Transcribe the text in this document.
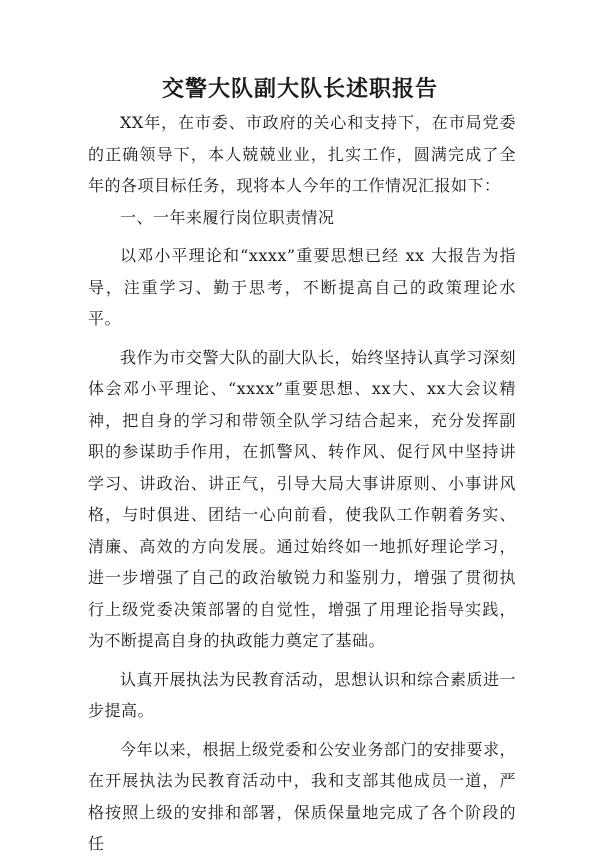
交警大队副大队长述职报告

XX年，在市委、市政府的关心和支持下，在市局党委的正确领导下，本人兢兢业业，扎实工作，圆满完成了全年的各项目标任务，现将本人今年的工作情况汇报如下：

一、一年来履行岗位职责情况

以邓小平理论和“xxxx”重要思想已经 xx 大报告为指导，注重学习、勤于思考，不断提高自己的政策理论水平。

我作为市交警大队的副大队长，始终坚持认真学习深刻体会邓小平理论、“xxxx”重要思想、xx大、xx大会议精神，把自身的学习和带领全队学习结合起来，充分发挥副职的参谋助手作用，在抓警风、转作风、促行风中坚持讲学习、讲政治、讲正气，引导大局大事讲原则、小事讲风格，与时俱进、团结一心向前看，使我队工作朝着务实、清廉、高效的方向发展。通过始终如一地抓好理论学习，进一步增强了自己的政治敏锐力和鉴别力，增强了贯彻执行上级党委决策部署的自觉性，增强了用理论指导实践，为不断提高自身的执政能力奠定了基础。

认真开展执法为民教育活动，思想认识和综合素质进一步提高。

今年以来，根据上级党委和公安业务部门的安排要求，在开展执法为民教育活动中，我和支部其他成员一道，严格按照上级的安排和部署，保质保量地完成了各个阶段的任
